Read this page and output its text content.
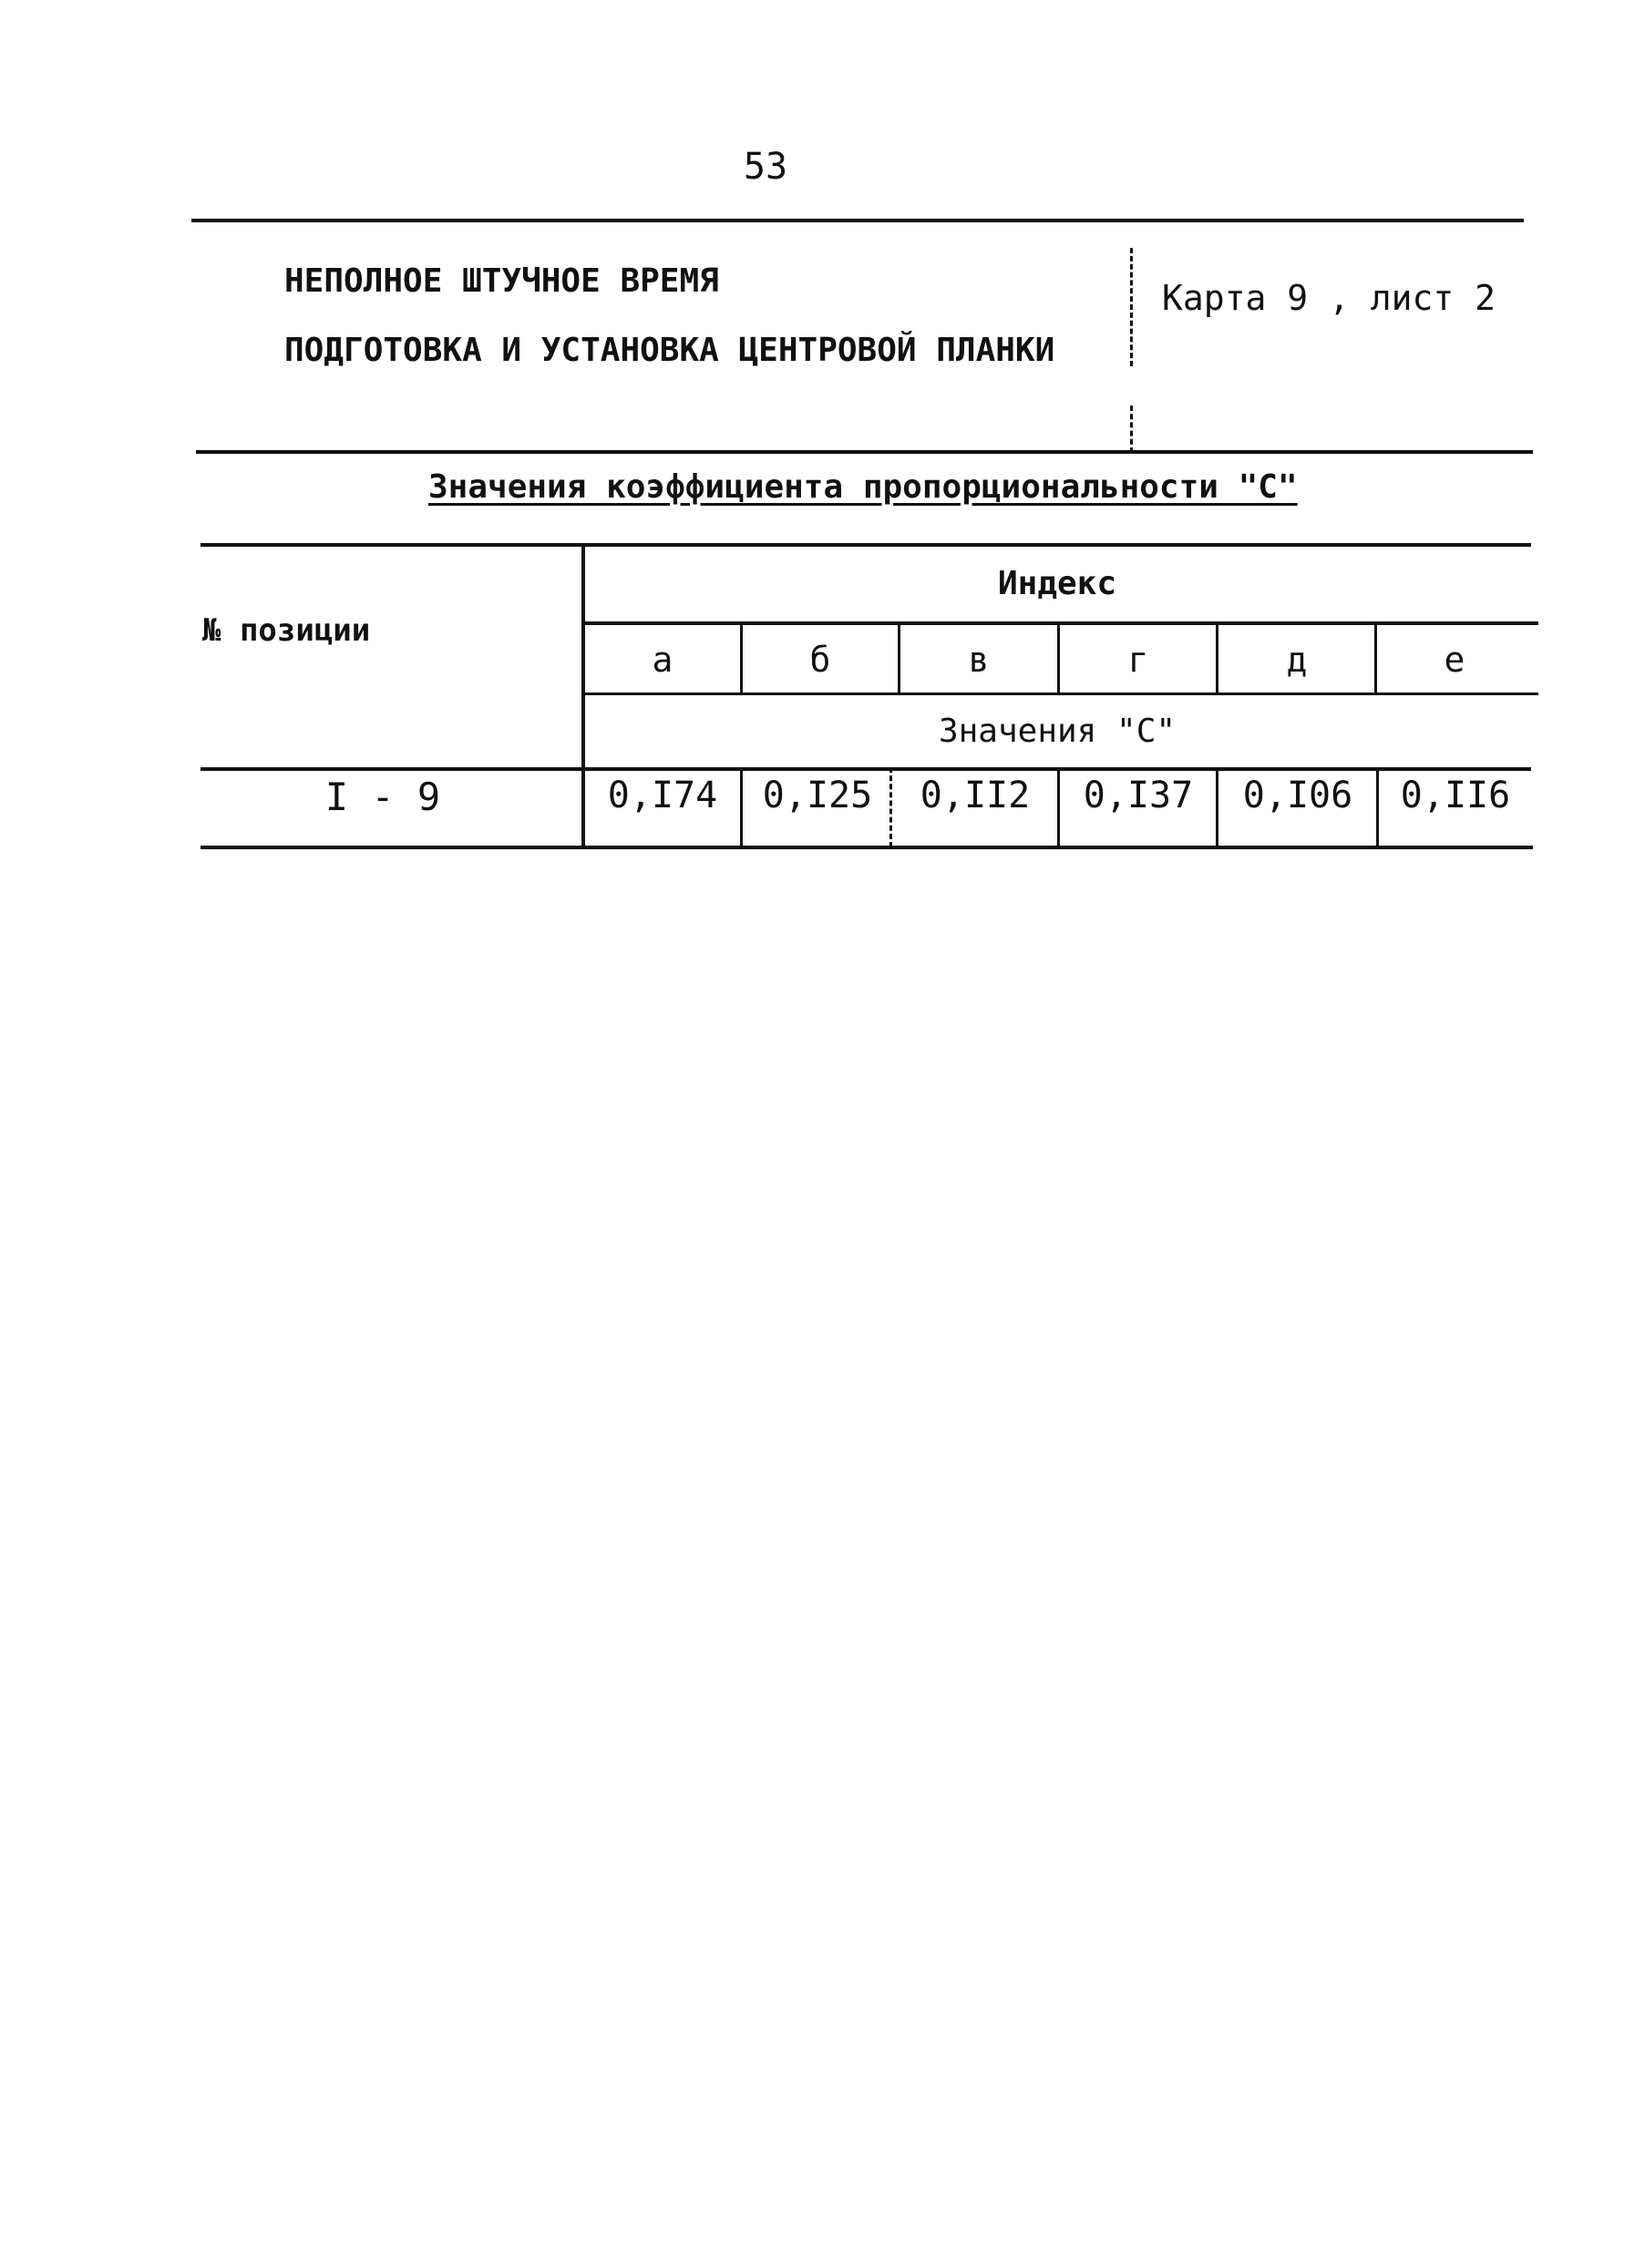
53
НЕПОЛНОЕ ШТУЧНОЕ ВРЕМЯ
ПОДГОТОВКА И УСТАНОВКА ЦЕНТРОВОЙ ПЛАНКИ
Карта 9 , лист 2
Значения коэффициента пропорциональности "С"
№ позиции
Индекс
а	б	в	г	д	е
Значения "С"
I - 9	0,I74	0,I25	0,II2	0,I37	0,I06	0,II6
